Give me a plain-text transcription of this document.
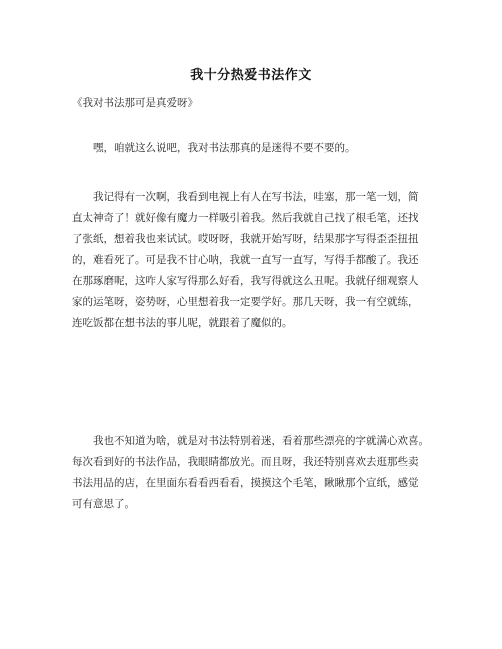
我十分热爱书法作文
《我对书法那可是真爱呀》
嘿，咱就这么说吧，我对书法那真的是迷得不要不要的。
我记得有一次啊，我看到电视上有人在写书法，哇塞，那一笔一划，简
直太神奇了！就好像有魔力一样吸引着我。然后我就自己找了根毛笔，还找
了张纸，想着我也来试试。哎呀呀，我就开始写呀，结果那字写得歪歪扭扭
的，难看死了。可是我不甘心呐，我就一直写一直写，写得手都酸了。我还
在那琢磨呢，这咋人家写得那么好看，我写得就这么丑呢。我就仔细观察人
家的运笔呀，姿势呀，心里想着我一定要学好。那几天呀，我一有空就练，
连吃饭都在想书法的事儿呢，就跟着了魔似的。
我也不知道为啥，就是对书法特别着迷，看着那些漂亮的字就满心欢喜。
每次看到好的书法作品，我眼睛都放光。而且呀，我还特别喜欢去逛那些卖
书法用品的店，在里面东看看西看看，摸摸这个毛笔，瞅瞅那个宣纸，感觉
可有意思了。
